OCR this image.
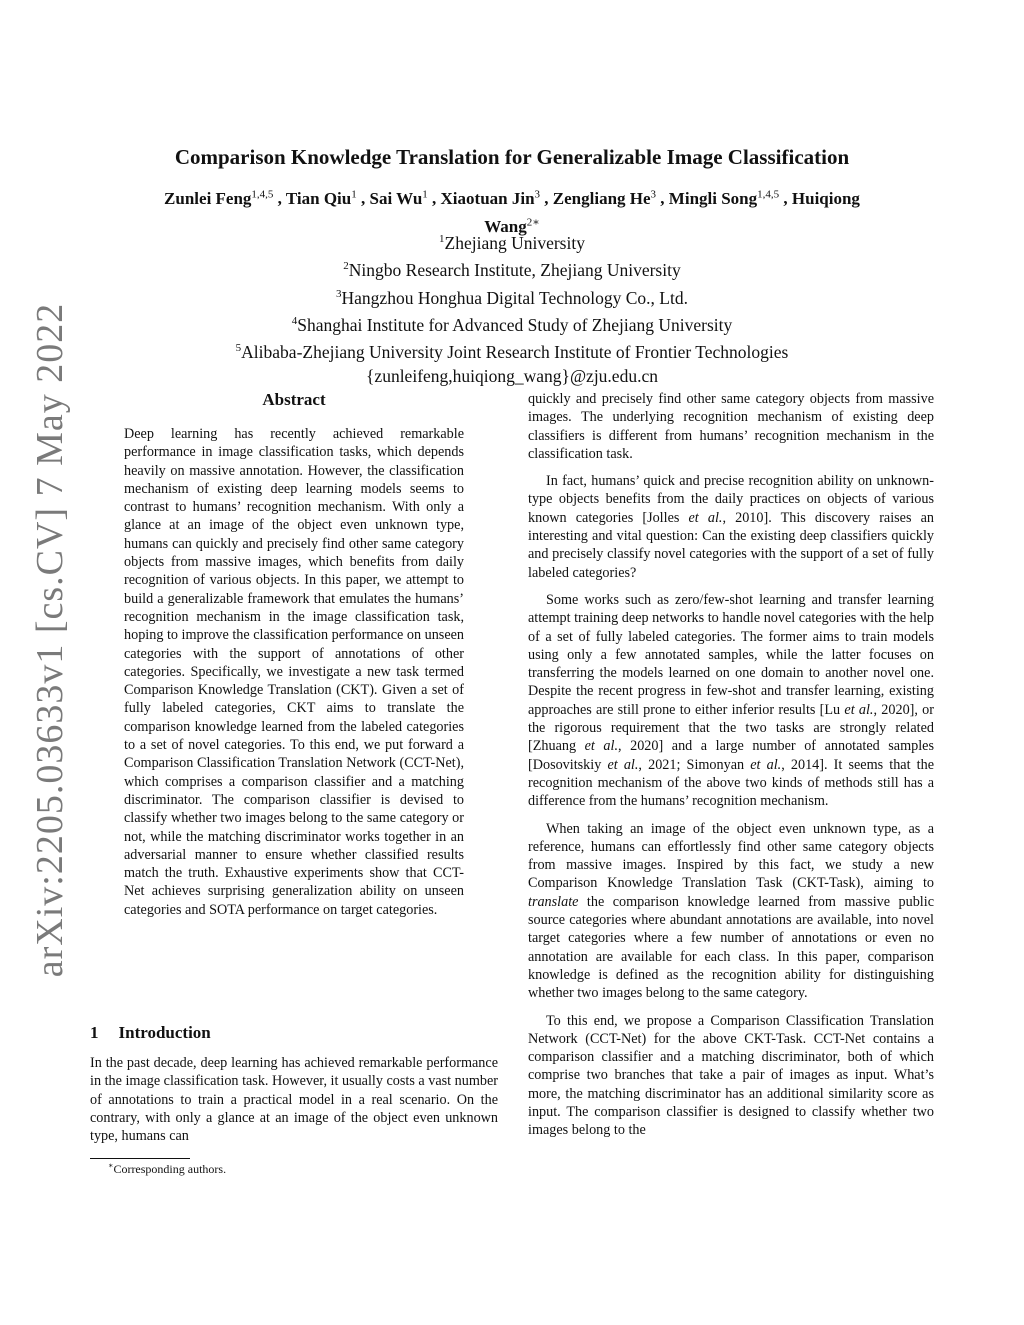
arXiv:2205.03633v1 [cs.CV] 7 May 2022
Comparison Knowledge Translation for Generalizable Image Classification
Zunlei Feng$^{1,4,5}$ , Tian Qiu$^1$ , Sai Wu$^1$ , Xiaotuan Jin$^3$ , Zengliang He$^3$ , Mingli Song$^{1,4,5}$ , Huiqiong Wang$^{2∗}$
$^1$Zhejiang University
$^2$Ningbo Research Institute, Zhejiang University
$^3$Hangzhou Honghua Digital Technology Co., Ltd.
$^4$Shanghai Institute for Advanced Study of Zhejiang University
$^5$Alibaba-Zhejiang University Joint Research Institute of Frontier Technologies
{zunleifeng,huiqiong_wang}@zju.edu.cn
Abstract

Deep learning has recently achieved remarkable performance in image classification tasks, which depends heavily on massive annotation. However, the classification mechanism of existing deep learning models seems to contrast to humans’ recognition mechanism. With only a glance at an image of the object even unknown type, humans can quickly and precisely find other same category objects from massive images, which benefits from daily recognition of various objects. In this paper, we attempt to build a generalizable framework that emulates the humans’ recognition mechanism in the image classification task, hoping to improve the classification performance on unseen categories with the support of annotations of other categories. Specifically, we investigate a new task termed Comparison Knowledge Translation (CKT). Given a set of fully labeled categories, CKT aims to translate the comparison knowledge learned from the labeled categories to a set of novel categories. To this end, we put forward a Comparison Classification Translation Network (CCT-Net), which comprises a comparison classifier and a matching discriminator. The comparison classifier is devised to classify whether two images belong to the same category or not, while the matching discriminator works together in an adversarial manner to ensure whether classified results match the truth. Exhaustive experiments show that CCT-Net achieves surprising generalization ability on unseen categories and SOTA performance on target categories.

1 Introduction

In the past decade, deep learning has achieved remarkable performance in the image classification task. However, it usually costs a vast number of annotations to train a practical model in a real scenario. On the contrary, with only a glance at an image of the object even unknown type, humans can

∗Corresponding authors.

quickly and precisely find other same category objects from massive images. The underlying recognition mechanism of existing deep classifiers is different from humans’ recognition mechanism in the classification task.

In fact, humans’ quick and precise recognition ability on unknown-type objects benefits from the daily practices on objects of various known categories [Jolles et al., 2010]. This discovery raises an interesting and vital question: Can the existing deep classifiers quickly and precisely classify novel categories with the support of a set of fully labeled categories?

Some works such as zero/few-shot learning and transfer learning attempt training deep networks to handle novel categories with the help of a set of fully labeled categories. The former aims to train models using only a few annotated samples, while the latter focuses on transferring the models learned on one domain to another novel one. Despite the recent progress in few-shot and transfer learning, existing approaches are still prone to either inferior results [Lu et al., 2020], or the rigorous requirement that the two tasks are strongly related [Zhuang et al., 2020] and a large number of annotated samples [Dosovitskiy et al., 2021; Simonyan et al., 2014]. It seems that the recognition mechanism of the above two kinds of methods still has a difference from the humans’ recognition mechanism.

When taking an image of the object even unknown type, as a reference, humans can effortlessly find other same category objects from massive images. Inspired by this fact, we study a new Comparison Knowledge Translation Task (CKT-Task), aiming to translate the comparison knowledge learned from massive public source categories where abundant annotations are available, into novel target categories where a few number of annotations or even no annotation are available for each class. In this paper, comparison knowledge is defined as the recognition ability for distinguishing whether two images belong to the same category.

To this end, we propose a Comparison Classification Translation Network (CCT-Net) for the above CKT-Task. CCT-Net contains a comparison classifier and a matching discriminator, both of which comprise two branches that take a pair of images as input. What’s more, the matching discriminator has an additional similarity score as input. The comparison classifier is designed to classify whether two images belong to the
